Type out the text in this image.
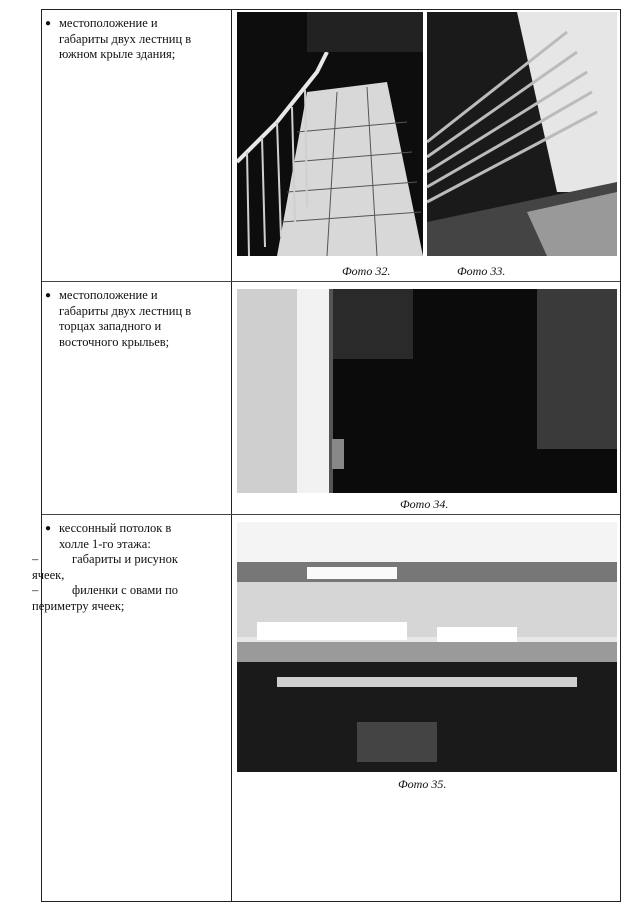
● местоположение и
габариты двух лестниц в
южном крыле здания;
Фото 32.	Фото 33.
● местоположение и
габариты двух лестниц в
торцах западного и
восточного крыльев;
Фото 34.
● кессонный потолок в
холле 1-го этажа:
–	габариты и рисунок
ячеек,
–	филенки с овами по
периметру ячеек;
Фото 35.
